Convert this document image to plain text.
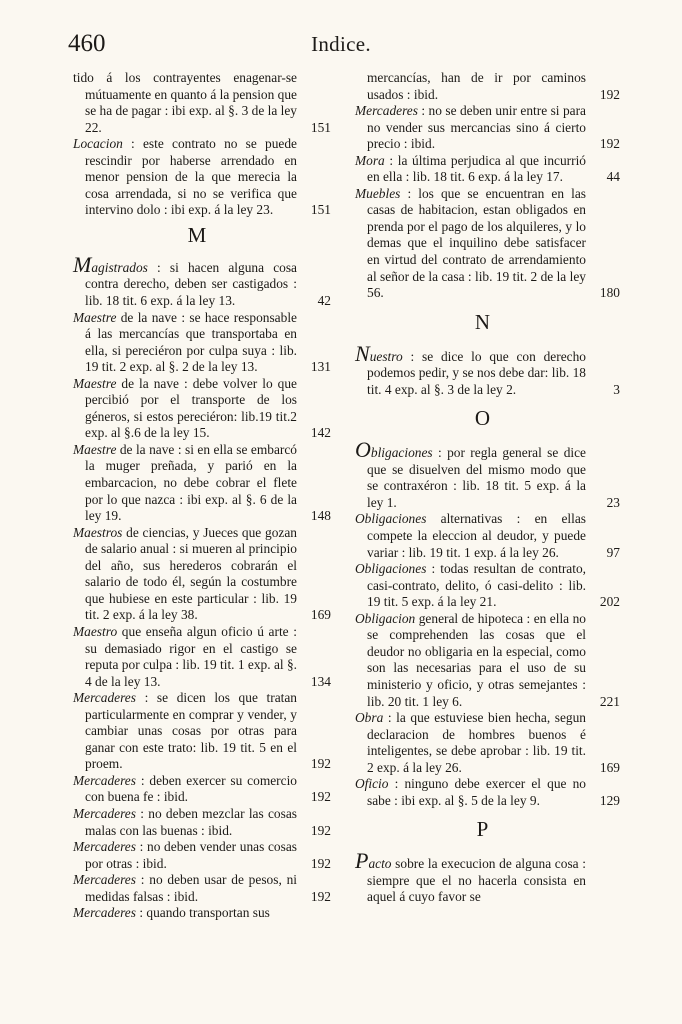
460	Indice.
tido á los contrayentes enagenar-se mútuamente en quanto á la pension que se ha de pagar : ibi exp. al §. 3 de la ley 22.	151
Locacion : este contrato no se puede rescindir por haberse arrendado en menor pension de la que merecia la cosa arrendada, si no se verifica que intervino dolo : ibi exp. á la ley 23.	151
M
Magistrados : si hacen alguna cosa contra derecho, deben ser castigados : lib. 18 tit. 6 exp. á la ley 13.	42
Maestre de la nave : se hace responsable á las mercancías que transportaba en ella, si pereciéron por culpa suya : lib. 19 tit. 2 exp. al §. 2 de la ley 13.	131
Maestre de la nave : debe volver lo que percibió por el transporte de los géneros, si estos pereciéron: lib.19 tit.2 exp. al §.6 de la ley 15.	142
Maestre de la nave : si en ella se embarcó la muger preñada, y parió en la embarcacion, no debe cobrar el flete por lo que nazca : ibi exp. al §. 6 de la ley 19.	148
Maestros de ciencias, y Jueces que gozan de salario anual : si mueren al principio del año, sus herederos cobrarán el salario de todo él, según la costumbre que hubiese en este particular : lib. 19 tit. 2 exp. á la ley 38.	169
Maestro que enseña algun oficio ú arte : su demasiado rigor en el castigo se reputa por culpa : lib. 19 tit. 1 exp. al §. 4 de la ley 13.	134
Mercaderes : se dicen los que tratan particularmente en comprar y vender, y cambiar unas cosas por otras para ganar con este trato: lib. 19 tit. 5 en el proem.	192
Mercaderes : deben exercer su comercio con buena fe : ibid.	192
Mercaderes : no deben mezclar las cosas malas con las buenas : ibid.	192
Mercaderes : no deben vender unas cosas por otras : ibid.	192
Mercaderes : no deben usar de pesos, ni medidas falsas : ibid.	192
Mercaderes : quando transportan sus
mercancías, han de ir por caminos usados : ibid.	192
Mercaderes : no se deben unir entre si para no vender sus mercancias sino á cierto precio : ibid.	192
Mora : la última perjudica al que incurrió en ella : lib. 18 tit. 6 exp. á la ley 17.	44
Muebles : los que se encuentran en las casas de habitacion, estan obligados en prenda por el pago de los alquileres, y lo demas que el inquilino debe satisfacer en virtud del contrato de arrendamiento al señor de la casa : lib. 19 tit. 2 de la ley 56.	180
N
Nuestro : se dice lo que con derecho podemos pedir, y se nos debe dar: lib. 18 tit. 4 exp. al §. 3 de la ley 2.	3
O
Obligaciones : por regla general se dice que se disuelven del mismo modo que se contraxéron : lib. 18 tit. 5 exp. á la ley 1.	23
Obligaciones alternativas : en ellas compete la eleccion al deudor, y puede variar : lib. 19 tit. 1 exp. á la ley 26.	97
Obligaciones : todas resultan de contrato, casi-contrato, delito, ó casi-delito : lib. 19 tit. 5 exp. á la ley 21.	202
Obligacion general de hipoteca : en ella no se comprehenden las cosas que el deudor no obligaria en la especial, como son las necesarias para el uso de su ministerio y oficio, y otras semejantes : lib. 20 tit. 1 ley 6.	221
Obra : la que estuviese bien hecha, segun declaracion de hombres buenos é inteligentes, se debe aprobar : lib. 19 tit. 2 exp. á la ley 26.	169
Oficio : ninguno debe exercer el que no sabe : ibi exp. al §. 5 de la ley 9.	129
P
Pacto sobre la execucion de alguna cosa : siempre que el no hacerla consista en aquel á cuyo favor se
